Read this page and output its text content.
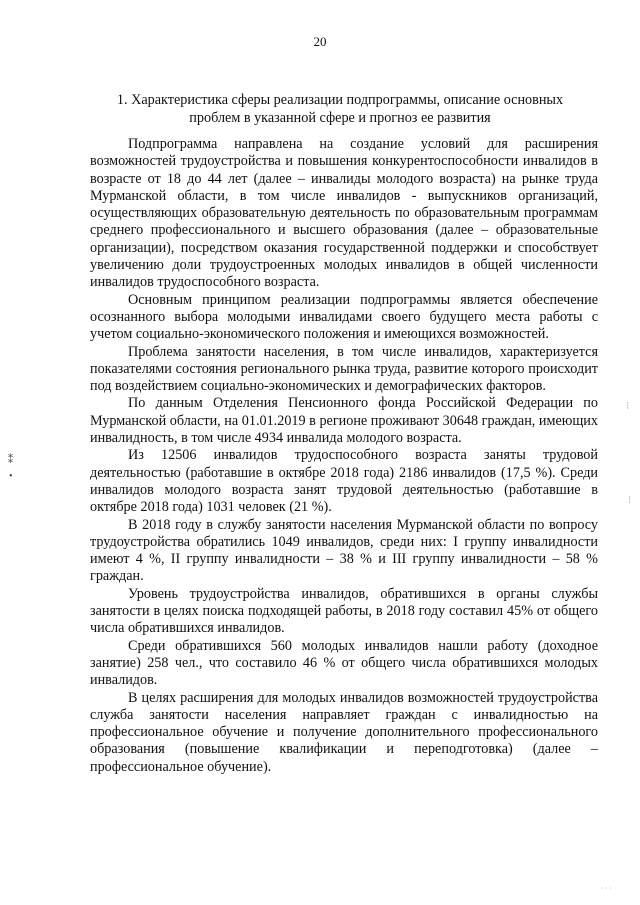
20
1. Характеристика сферы реализации подпрограммы, описание основных проблем в указанной сфере и прогноз ее развития

Подпрограмма направлена на создание условий для расширения возможностей трудоустройства и повышения конкурентоспособности инвалидов в возрасте от 18 до 44 лет (далее – инвалиды молодого возраста) на рынке труда Мурманской области, в том числе инвалидов - выпускников организаций, осуществляющих образовательную деятельность по образовательным программам среднего профессионального и высшего образования (далее – образовательные организации), посредством оказания государственной поддержки и способствует увеличению доли трудоустроенных молодых инвалидов в общей численности инвалидов трудоспособного возраста.

Основным принципом реализации подпрограммы является обеспечение осознанного выбора молодыми инвалидами своего будущего места работы с учетом социально-экономического положения и имеющихся возможностей.

Проблема занятости населения, в том числе инвалидов, характеризуется показателями состояния регионального рынка труда, развитие которого происходит под воздействием социально-экономических и демографических факторов.

По данным Отделения Пенсионного фонда Российской Федерации по Мурманской области, на 01.01.2019 в регионе проживают 30648 граждан, имеющих инвалидность, в том числе 4934 инвалида молодого возраста.

Из 12506 инвалидов трудоспособного возраста заняты трудовой деятельностью (работавшие в октябре 2018 года) 2186 инвалидов (17,5 %). Среди инвалидов молодого возраста занят трудовой деятельностью (работавшие в октябре 2018 года) 1031 человек (21 %).

В 2018 году в службу занятости населения Мурманской области по вопросу трудоустройства обратились 1049 инвалидов, среди них: I группу инвалидности имеют 4 %, II группу инвалидности – 38 % и III группу инвалидности – 58 % граждан.

Уровень трудоустройства инвалидов, обратившихся в органы службы занятости в целях поиска подходящей работы, в 2018 году составил 45% от общего числа обратившихся инвалидов.

Среди обратившихся 560 молодых инвалидов нашли работу (доходное занятие) 258 чел., что составило 46 % от общего числа обратившихся молодых инвалидов.

В целях расширения для молодых инвалидов возможностей трудоустройства служба занятости населения направляет граждан с инвалидностью на профессиональное обучение и получение дополнительного профессионального образования (повышение квалификации и переподготовка) (далее – профессиональное обучение).

⁑
•
⁝
⁝
· · ·
